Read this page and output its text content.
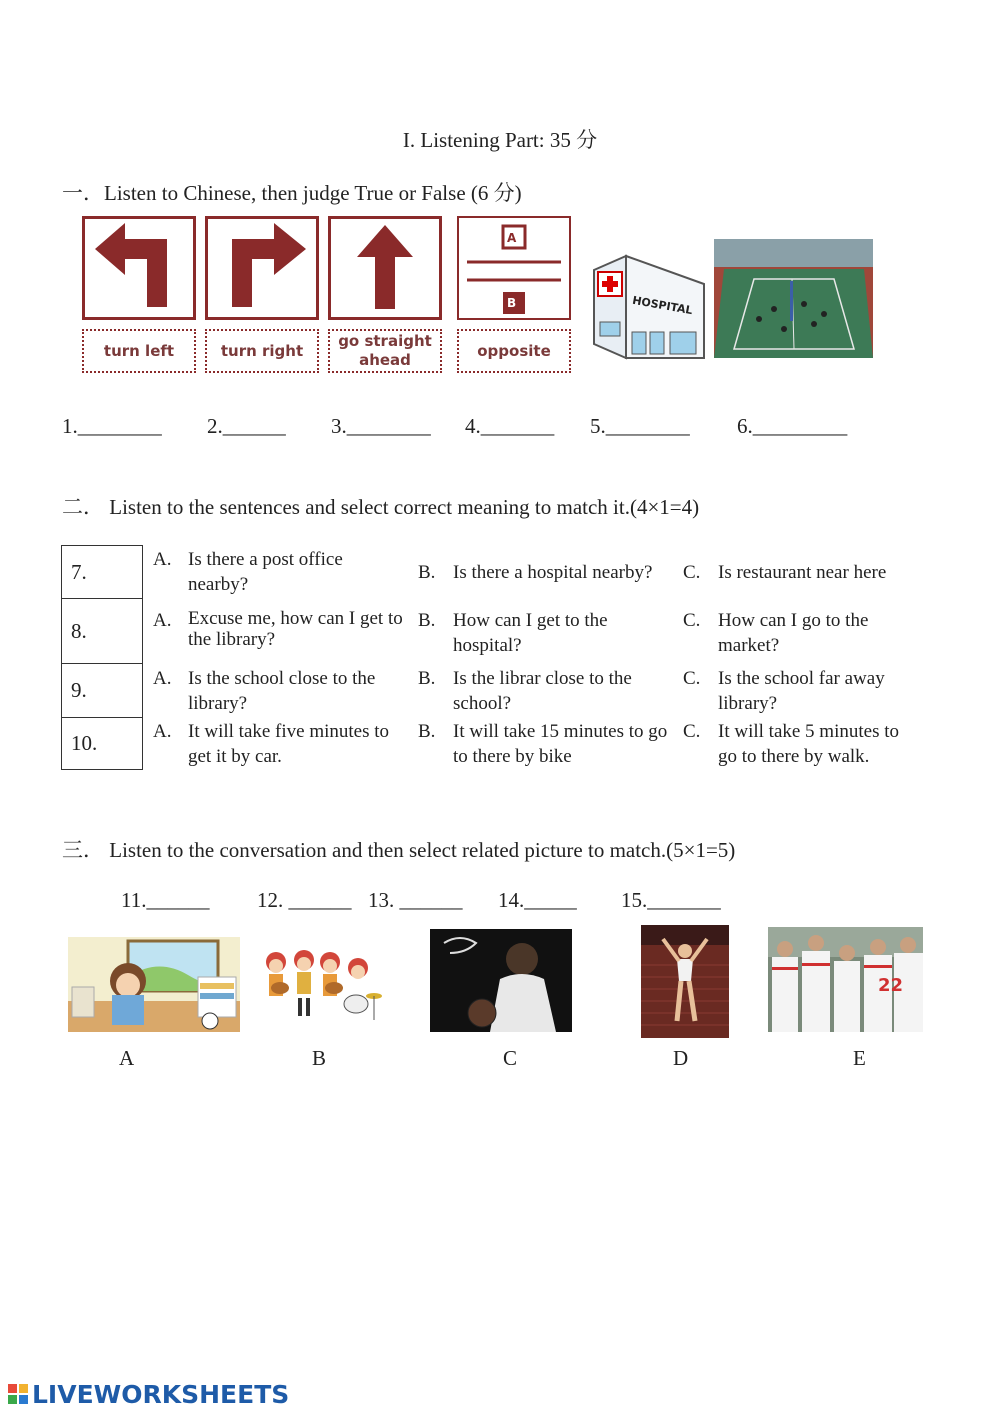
I. Listening Part: 35 分
一．Listen to Chinese, then judge True or False (6 分)
A
B
turn left	turn right
go straight ahead
opposite
HOSPITAL
1.________ 2.______ 3.________ 4._______ 5.________ 6._________
二． Listen to the sentences and select correct meaning to match it.(4×1=4)
7.	A. Is there a post office nearby?
B. Is there a hospital nearby?	C. Is restaurant near here
8.	A. Excuse me, how can I get to the library?
B. How can I get to the hospital?
C. How can I go to the market?
9.	A. Is the school close to the library?
B. Is the librar close to the school?
C. Is the school far away library?
10.	A. It will take five minutes to get it by car.
B. It will take 15 minutes to go to there by bike
C. It will take 5 minutes to go to there by walk.
三． Listen to the conversation and then select related picture to match.(5×1=5)
11.______ 12. ______ 13. ______ 14._____ 15._______
22
A	B	C	D	E
LIVEWORKSHEETS
